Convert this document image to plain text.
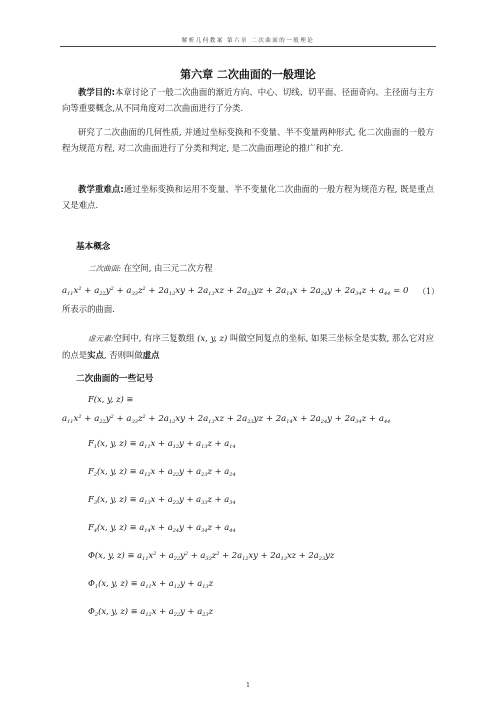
解析几何教案 第六章 二次曲面的一般理论
第六章 二次曲面的一般理论

教学目的:本章讨论了一般二次曲面的渐近方向、中心、切线、切平面、径面奇向、主径面与主方向等重要概念,从不同角度对二次曲面进行了分类.

研究了二次曲面的几何性质, 并通过坐标变换和不变量、半不变量两种形式, 化二次曲面的一般方程为规范方程, 对二次曲面进行了分类和判定, 是二次曲面理论的推广和扩充.

教学重难点:通过坐标变换和运用不变量、半不变量化二次曲面的一般方程为规范方程, 既是重点又是难点.

基本概念
二次曲面: 在空间, 由三元二次方程
$a_{11}x^2 + a_{22}y^2 + a_{33}z^2 + 2a_{12}xy + 2a_{13}xz + 2a_{23}yz + 2a_{14}x + 2a_{24}y + 2a_{34}z + a_{44} = 0$ （1）
所表示的曲面.

虚元素:空间中, 有序三复数组 (x, y, z) 叫做空间复点的坐标, 如果三坐标全是实数, 那么它对应的点是实点, 否则叫做虚点

二次曲面的一些记号
F(x, y, z) ≡
$a_{11}x^2 + a_{22}y^2 + a_{33}z^2 + 2a_{12}xy + 2a_{13}xz + 2a_{23}yz + 2a_{14}x + 2a_{24}y + 2a_{34}z + a_{44}$
$F_1(x$, y, $z) \equiv a_{11}x + a_{12}y + a_{13}z + a_{14}$
$F_2(x$, y, $z) \equiv a_{12}x + a_{22}y + a_{23}z + a_{24}$
$F_3(x$, y, $z) \equiv a_{13}x + a_{23}y + a_{33}z + a_{34}$
$F_4(x$, y, $z) \equiv a_{14}x + a_{24}y + a_{34}z + a_{44}$
Φ(x, y, $z) \equiv a_{11}x^2 + a_{22}y^2 + a_{33}z^2 + 2a_{12}xy + 2a_{13}xz + 2a_{23}yz$
$\Phi_1(x$, y, $z) \equiv a_{11}x + a_{12}y + a_{13}z$
$\Phi_2(x$, y, $z) \equiv a_{12}x + a_{22}y + a_{23}z$
1
